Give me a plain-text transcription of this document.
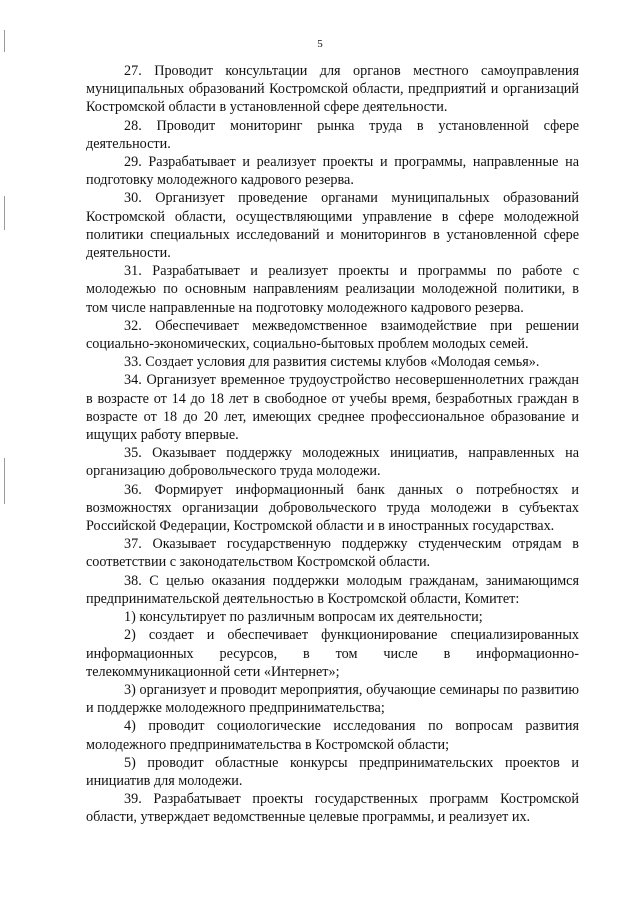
5

27. Проводит консультации для органов местного самоуправления муниципальных образований Костромской области, предприятий и организаций Костромской области в установленной сфере деятельности.

28. Проводит мониторинг рынка труда в установленной сфере деятельности.

29. Разрабатывает и реализует проекты и программы, направленные на подготовку молодежного кадрового резерва.

30. Организует проведение органами муниципальных образований Костромской области, осуществляющими управление в сфере молодежной политики специальных исследований и мониторингов в установленной сфере деятельности.

31. Разрабатывает и реализует проекты и программы по работе с молодежью по основным направлениям реализации молодежной политики, в том числе направленные на подготовку молодежного кадрового резерва.

32. Обеспечивает межведомственное взаимодействие при решении социально-экономических, социально-бытовых проблем молодых семей.

33. Создает условия для развития системы клубов «Молодая семья».

34. Организует временное трудоустройство несовершеннолетних граждан в возрасте от 14 до 18 лет в свободное от учебы время, безработных граждан в возрасте от 18 до 20 лет, имеющих среднее профессиональное образование и ищущих работу впервые.

35. Оказывает поддержку молодежных инициатив, направленных на организацию добровольческого труда молодежи.

36. Формирует информационный банк данных о потребностях и возможностях организации добровольческого труда молодежи в субъектах Российской Федерации, Костромской области и в иностранных государствах.

37. Оказывает государственную поддержку студенческим отрядам в соответствии с законодательством Костромской области.

38. С целью оказания поддержки молодым гражданам, занимающимся предпринимательской деятельностью в Костромской области, Комитет:

1) консультирует по различным вопросам их деятельности;

2) создает и обеспечивает функционирование специализированных информационных ресурсов, в том числе в информационно-телекоммуникационной сети «Интернет»;

3) организует и проводит мероприятия, обучающие семинары по развитию и поддержке молодежного предпринимательства;

4) проводит социологические исследования по вопросам развития молодежного предпринимательства в Костромской области;

5) проводит областные конкурсы предпринимательских проектов и инициатив для молодежи.

39. Разрабатывает проекты государственных программ Костромской области, утверждает ведомственные целевые программы, и реализует их.
